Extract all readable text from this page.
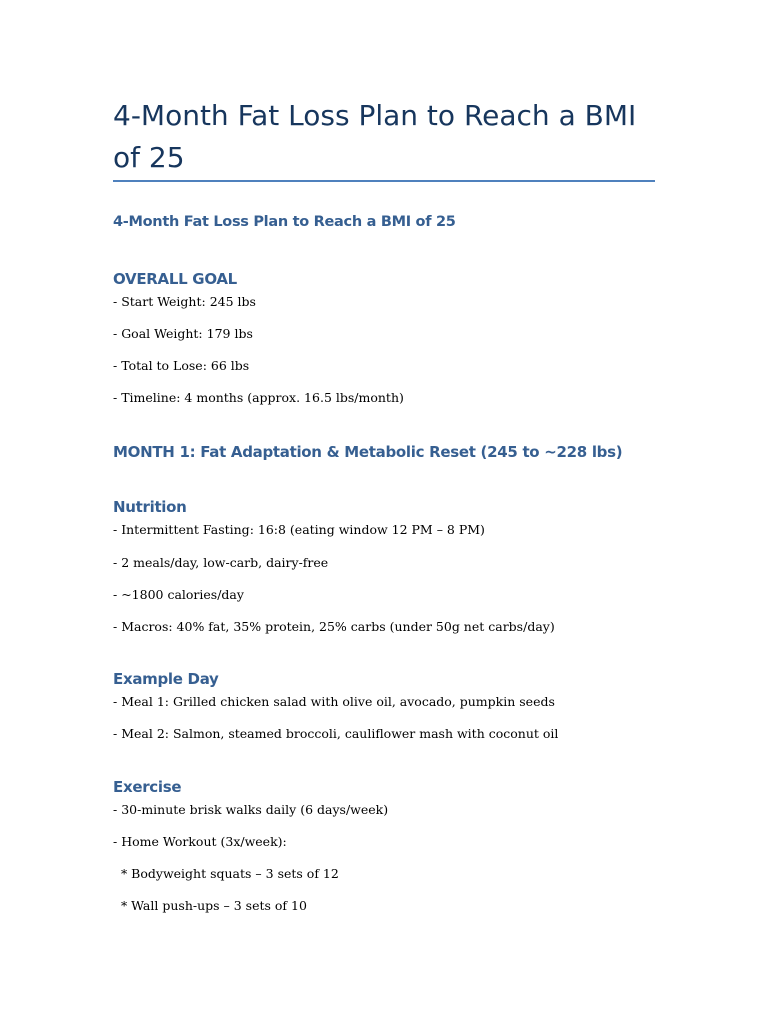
4-Month Fat Loss Plan to Reach a BMI of 25
4-Month Fat Loss Plan to Reach a BMI of 25
OVERALL GOAL

- Start Weight: 245 lbs

- Goal Weight: 179 lbs

- Total to Lose: 66 lbs

- Timeline: 4 months (approx. 16.5 lbs/month)

MONTH 1: Fat Adaptation & Metabolic Reset (245 to ~228 lbs)
Nutrition

- Intermittent Fasting: 16:8 (eating window 12 PM – 8 PM)

- 2 meals/day, low-carb, dairy-free

- ~1800 calories/day

- Macros: 40% fat, 35% protein, 25% carbs (under 50g net carbs/day)

Example Day

- Meal 1: Grilled chicken salad with olive oil, avocado, pumpkin seeds

- Meal 2: Salmon, steamed broccoli, cauliflower mash with coconut oil

Exercise

- 30-minute brisk walks daily (6 days/week)

- Home Workout (3x/week):

* Bodyweight squats – 3 sets of 12

* Wall push-ups – 3 sets of 10
